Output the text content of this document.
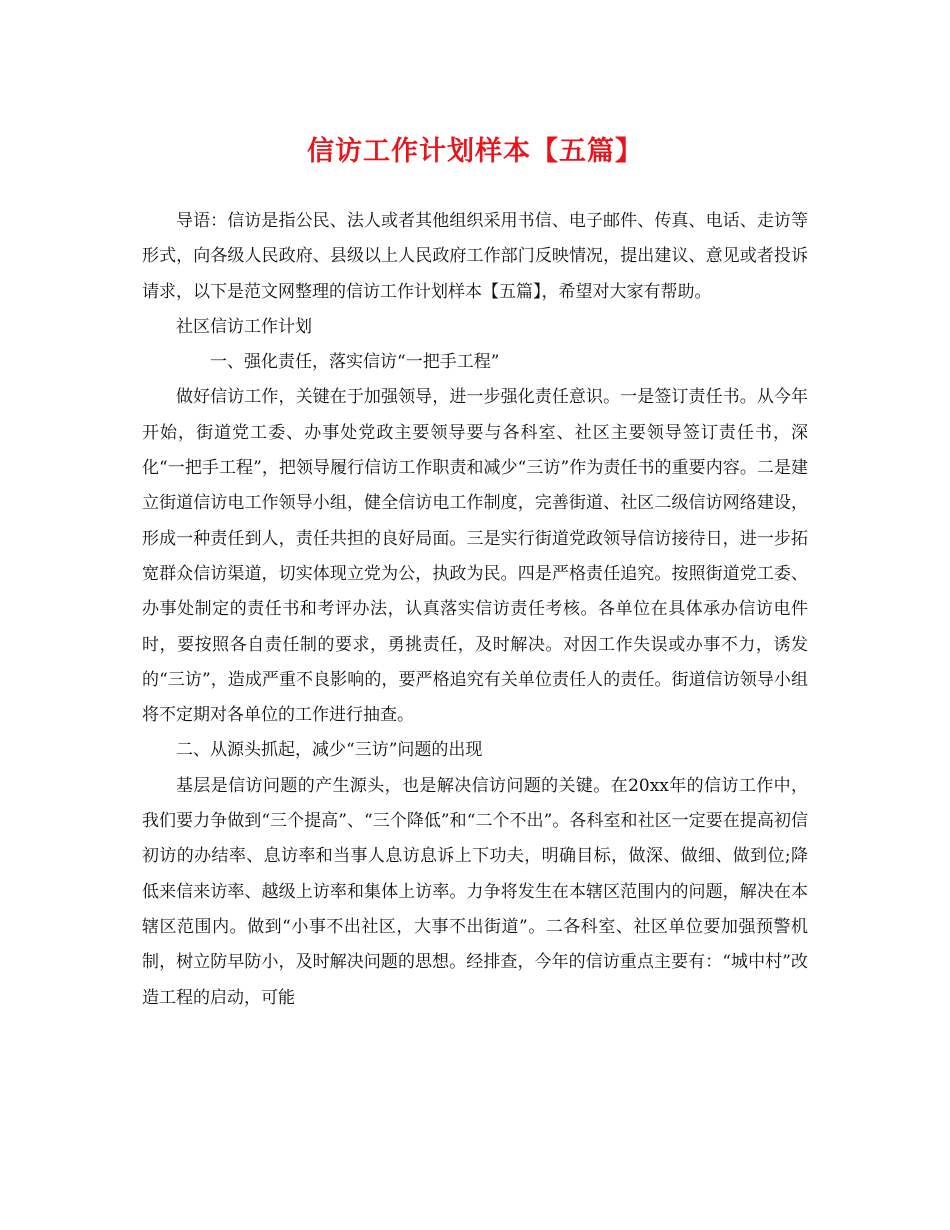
信访工作计划样本【五篇】

导语：信访是指公民、法人或者其他组织采用书信、电子邮件、传真、电话、走访等形式，向各级人民政府、县级以上人民政府工作部门反映情况，提出建议、意见或者投诉请求，以下是范文网整理的信访工作计划样本【五篇】，希望对大家有帮助。

社区信访工作计划

一、强化责任，落实信访“一把手工程”

做好信访工作，关键在于加强领导，进一步强化责任意识。一是签订责任书。从今年开始，街道党工委、办事处党政主要领导要与各科室、社区主要领导签订责任书，深化“一把手工程”，把领导履行信访工作职责和减少“三访”作为责任书的重要内容。二是建立街道信访电工作领导小组，健全信访电工作制度，完善街道、社区二级信访网络建设，形成一种责任到人，责任共担的良好局面。三是实行街道党政领导信访接待日，进一步拓宽群众信访渠道，切实体现立党为公，执政为民。四是严格责任追究。按照街道党工委、办事处制定的责任书和考评办法，认真落实信访责任考核。各单位在具体承办信访电件时，要按照各自责任制的要求，勇挑责任，及时解决。对因工作失误或办事不力，诱发的“三访”，造成严重不良影响的，要严格追究有关单位责任人的责任。街道信访领导小组将不定期对各单位的工作进行抽查。

二、从源头抓起，减少“三访”问题的出现

基层是信访问题的产生源头，也是解决信访问题的关键。在20xx年的信访工作中，我们要力争做到“三个提高”、“三个降低”和“二个不出”。各科室和社区一定要在提高初信初访的办结率、息访率和当事人息访息诉上下功夫，明确目标，做深、做细、做到位;降低来信来访率、越级上访率和集体上访率。力争将发生在本辖区范围内的问题，解决在本辖区范围内。做到“小事不出社区，大事不出街道”。二各科室、社区单位要加强预警机制，树立防早防小，及时解决问题的思想。经排查，今年的信访重点主要有：“城中村”改造工程的启动，可能
